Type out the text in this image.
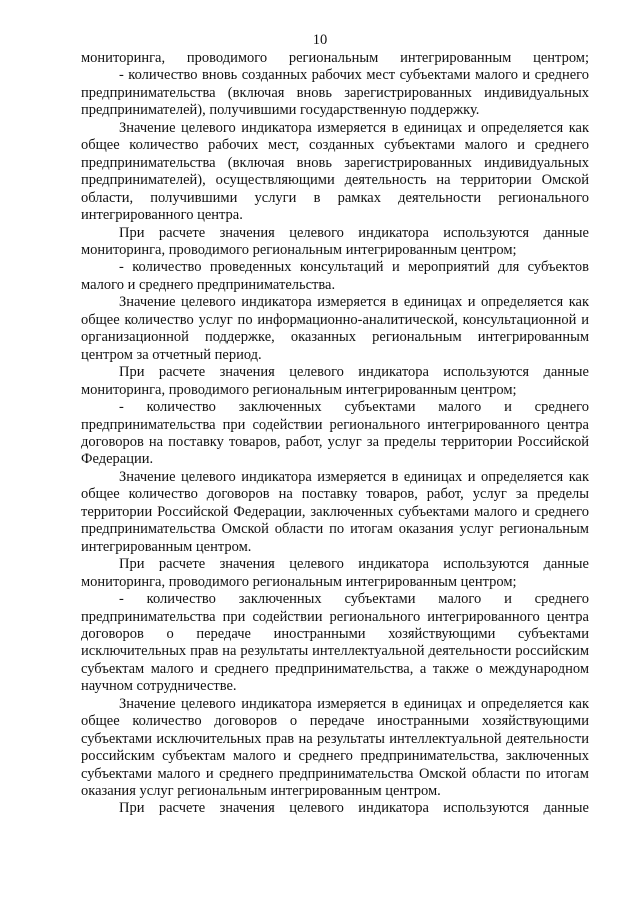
10

мониторинга, проводимого региональным интегрированным центром;

- количество вновь созданных рабочих мест субъектами малого и среднего предпринимательства (включая вновь зарегистрированных индивидуальных предпринимателей), получившими государственную поддержку.

Значение целевого индикатора измеряется в единицах и определяется как общее количество рабочих мест, созданных субъектами малого и среднего предпринимательства (включая вновь зарегистрированных индивидуальных предпринимателей), осуществляющими деятельность на территории Омской области, получившими услуги в рамках деятельности регионального интегрированного центра.

При расчете значения целевого индикатора используются данные мониторинга, проводимого региональным интегрированным центром;

- количество проведенных консультаций и мероприятий для субъектов малого и среднего предпринимательства.

Значение целевого индикатора измеряется в единицах и определяется как общее количество услуг по информационно-аналитической, консультационной и организационной поддержке, оказанных региональным интегрированным центром за отчетный период.

При расчете значения целевого индикатора используются данные мониторинга, проводимого региональным интегрированным центром;

- количество заключенных субъектами малого и среднего предпринимательства при содействии регионального интегрированного центра договоров на поставку товаров, работ, услуг за пределы территории Российской Федерации.

Значение целевого индикатора измеряется в единицах и определяется как общее количество договоров на поставку товаров, работ, услуг за пределы территории Российской Федерации, заключенных субъектами малого и среднего предпринимательства Омской области по итогам оказания услуг региональным интегрированным центром.

При расчете значения целевого индикатора используются данные мониторинга, проводимого региональным интегрированным центром;

- количество заключенных субъектами малого и среднего предпринимательства при содействии регионального интегрированного центра договоров о передаче иностранными хозяйствующими субъектами исключительных прав на результаты интеллектуальной деятельности российским субъектам малого и среднего предпринимательства, а также о международном научном сотрудничестве.

Значение целевого индикатора измеряется в единицах и определяется как общее количество договоров о передаче иностранными хозяйствующими субъектами исключительных прав на результаты интеллектуальной деятельности российским субъектам малого и среднего предпринимательства, заключенных субъектами малого и среднего предпринимательства Омской области по итогам оказания услуг региональным интегрированным центром.

При расчете значения целевого индикатора используются данные
